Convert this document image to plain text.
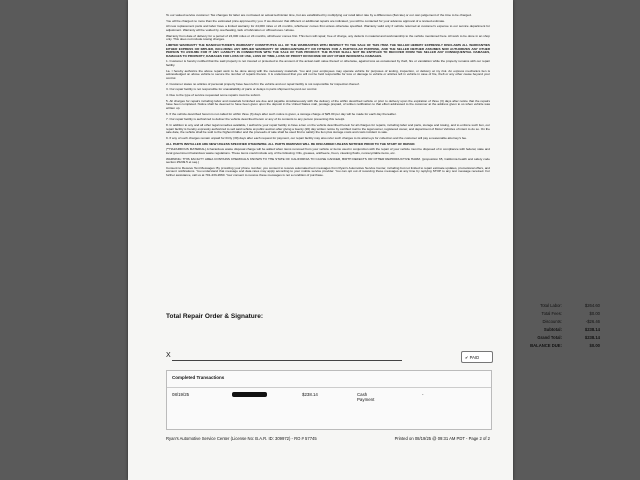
To our valued service customer: Tax changes for labor are not based on actual technician time, but are established by multiplying our retail labor rate by a differences (flat rate) or our own judgement of the time to be charged.

You will be charged no more than the estimated price approved by you. If we discover that different or additional repairs are indicated, you will be contacted for your advance approval of a revised estimate.

All new replacement parts and labor have a limited warranty for 24,000 miles or 24 months, whichever comes first unless otherwise specified. Warranty valid only if vehicle returned at customer's expense to our service department for adjustment. Warranty will be voided by overheating, lack of lubrication or offroad uses / abuse.

Warranty from date of delivery for a period of 24,000 miles or 24 months, whichever comes first. This item will repair, free of charge, any defects in material and workmanship to the vehicle mentioned here. All work to be done in an shop only. This does not include towing charges.

LIMITED WARRANTY THE MANUFACTURER'S WARRANTY CONSTITUTES ALL OF THE WARRANTIES WITH RESPECT TO THE SALE OF THIS ITEM. THE SELLER HEREBY EXPRESSLY DISCLAIMS ALL WARRANTIES EITHER EXPRESS OR IMPLIED, INCLUDING ANY IMPLIED WARRANTY OF MERCHANTABILITY OR FITNESS FOR A PARTICULAR PURPOSE, AND THE SELLER NEITHER ASSUMES NOR AUTHORIZES ANY OTHER PERSON TO ASSUME FOR IT ANY LIABILITY IN CONNECTION WITH THE SALE OF THIS PRODUCT. THE BUYER SHALL NOT BE ENTITLED TO RECOVER FROM THE SELLER ANY CONSEQUENTIAL DAMAGES, DAMAGES TO PROPERTY, DAMAGES FOR LOSS OF USE, LOSS OF TIME, LOSS OF PROFIT OR INCOME OR ANY OTHER INCIDENTAL DAMAGES.

1. Customer is hereby notified that the said property is not insured or protected to the amount of the actual cash value thereof or otherwise, against loss as occasioned by theft, fire or vandalism while the property remains with our repair facility.

1a. I hereby authorize the above repair work to be done along with the necessary materials. You and your employees may operate vehicle for purposes of testing, inspection, or delivery at my risk. An express mechanics lien is acknowledged on above vehicle to secure the number of repairs thereto. It is understood that you will not be held responsible for loss or damage to vehicle or articles left in vehicle in case of fire, theft or any other cause beyond your control.

2. Customer states no articles of personal property have been left in the vehicle and our repair facility is not responsible for inspection thereof.

3. Our repair facility is not responsible for unavailability of parts or delays in parts shipment beyond our control.

4. Due to the type of service requested some repairs must be submit.

5. All charges for repairs including labor and materials furnished are due and payable simultaneously with the delivery of the within described vehicle or prior to delivery upon the expiration of three (3) days after notice that the repairs have been completed. Notice shall be deemed to have been given upon the deposit in the United States mail, postage prepaid, of written notification to that effect addressed to the customer at the address given to us when vehicle was written up.

6. If the vehicle described herein is not called for within three (3) days after such notice is given, a storage charge of $25.00 per day will be made for each day thereafter.

7. Our repair facility is authorized to deliver the vehicle described herein or any of its contents to any person presenting this receipt.

8. In addition to any and all other legal remedies available, I authorize your repair facility to have a lien on the vehicle described herein for all charges for repairs, including labor and parts, storage and towing, and to enforce such lien, our repair facility is hereby expressly authorized to sell said vehicle at public auction after giving a twenty (20) day written notice by certified mail to the legal owner, registered owner, and department of Motor Vehicles of intent to do so. On the sale date, the vehicle shall be sold to the highest bidder and the proceeds of sale shall be used first to satisfy the lien plus storage costs and costs incident to sale.

9. If any of such charges remain unpaid for thirty (30) days after each request for payment, our repair facility may also refer such charges to its attorneys for collection and the customer will pay a reasonable attorney's fee.

ALL PARTS INSTALLED ARE NEW UNLESS SPECIFIED OTHERWISE. ALL PARTS REMOVED WILL BE DISCARDED UNLESS NOTIFIED PRIOR TO THE START OF REPAIR.

(**HAZARDOUS MATERIAL) A hazardous waste disposal charge will be added when items removed from your vehicle or items used in conjunction with the repair of your vehicle must be disposed of in compliance with federal, state and local government hazardous waste regulations. These items could include any of the following: Oils, greases, antifreeze, freon, cleaning fluids, nonrecyclable items, etc.

WARNING: THIS FACILITY AREA CONTAINS CHEMICALS KNOWN TO THE STATE OF CALIFORNIA TO CAUSE CANCER, BIRTH DEFECTS OR OTHER REPRODUCTIVE HARM. (proposition 65, California health and safety code section 25249.5 et seq.)

Consent to Receive Text Messages: By providing your phone number, you consent to receive automated text messages from Ryan's Automotive Service Center, including but not limited to repair estimate updates, promotional offers, and account notifications. You understand that message and data rates may apply according to your mobile service provider. You can opt out of receiving these messages at any time by replying STOP to any text message received. For further assistance, call us at 701-433-2660. Your consent to receive these messages is not a condition of purchase.

Total Repair Order & Signature:
Total Labor:	$264.60
Total Fees:	$0.00
Discounts:	-$26.46
Subtotal:	$238.14
Grand Total:	$238.14
BALANCE DUE:	$0.00
X	✔ PAID
Completed Transactions
08/19/25	$238.14	Cash Payment
-
Ryan's Automotive Service Center (License No: B.A.R. ID: 309972) - RO # 57745	Printed on 08/19/25 @ 09:31 AM PDT - Page 2 of 2
